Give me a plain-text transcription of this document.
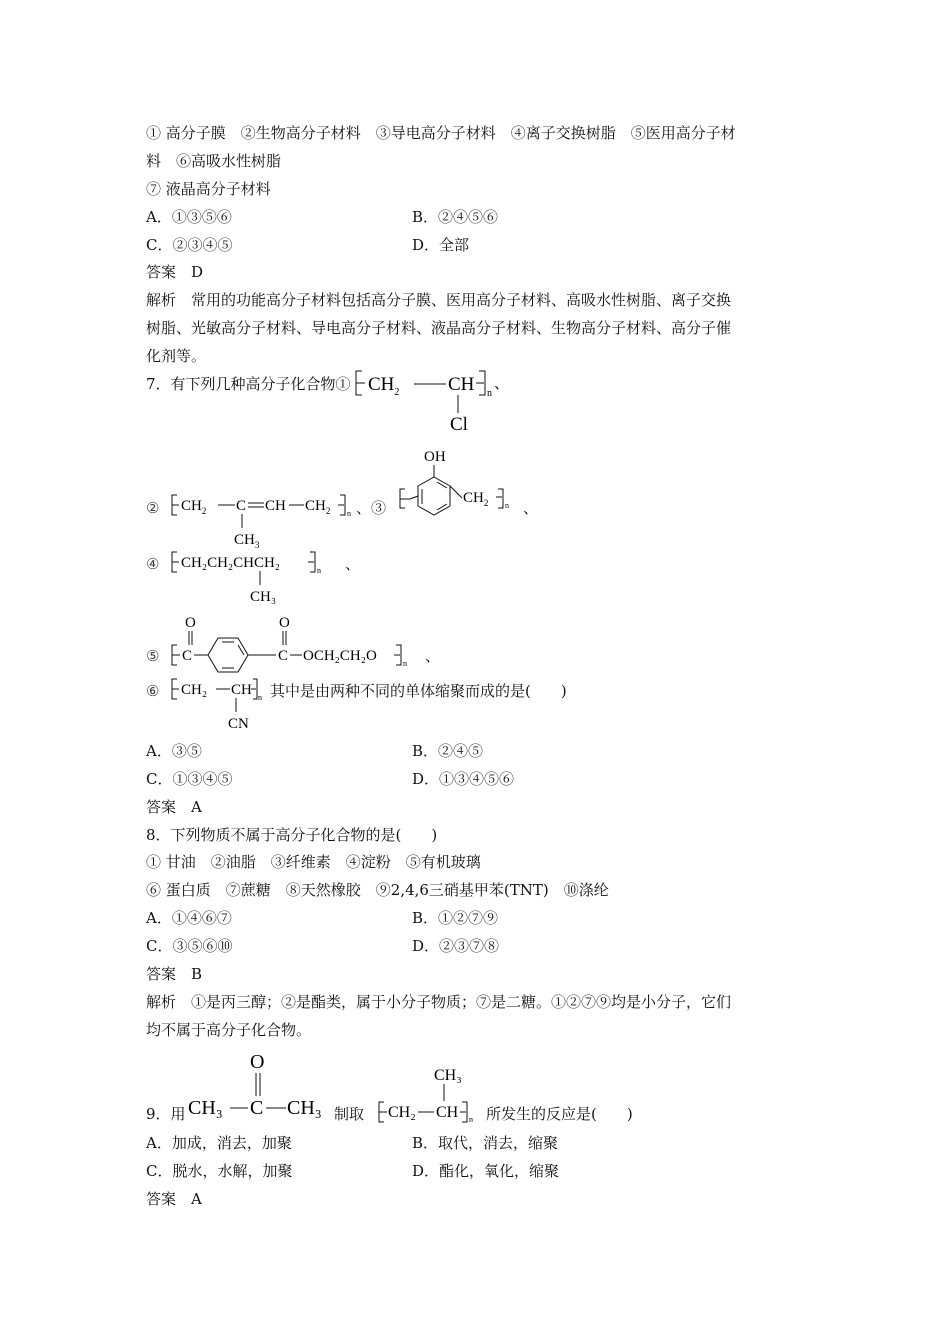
① 高分子膜　②生物高分子材料　③导电高分子材料　④离子交换树脂　⑤医用高分子材
料　⑥高吸水性树脂
⑦ 液晶高分子材料
A．①③⑤⑥	B．②④⑤⑥
C．②③④⑤	D．全部
答案　D
解析　常用的功能高分子材料包括高分子膜、医用高分子材料、高吸水性树脂、离子交换
树脂、光敏高分子材料、导电高分子材料、液晶高分子材料、生物高分子材料、高分子催
化剂等。
7．有下列几种高分子化合物① $CH_2$	CH n
、
Cl
② $CH_2$ C CH $CH_2$ n
$CH_3$
、③
OH
$CH_2$ n 、
④ CH₂CH₂CHCH₂	n
CH₃
、
⑤
O
C
O
C OCH₂CH₂O	n 、
⑥ CH₂ CH n
CN
其中是由两种不同的单体缩聚而成的是(　　)
A．③⑤	B．②④⑤
C．①③④⑤	D．①③④⑤⑥
答案　A
8．下列物质不属于高分子化合物的是(　　)
① 甘油　②油脂　③纤维素　④淀粉　⑤有机玻璃
⑥ 蛋白质　⑦蔗糖　⑧天然橡胶　⑨2,4,6三硝基甲苯(TNT)　⑩涤纶
A．①④⑥⑦	B．①②⑦⑨
C．③⑤⑥⑩	D．②③⑦⑧
答案　B
解析　①是丙三醇；②是酯类，属于小分子物质；⑦是二糖。①②⑦⑨均是小分子，它们
均不属于高分子化合物。
9．用
O
CH₃ C CH₃ 制取
CH₃
CH₂ CH n 所发生的反应是(　　)
A．加成，消去，加聚	B．取代，消去，缩聚
C．脱水，水解，加聚	D．酯化，氧化，缩聚
答案　A
